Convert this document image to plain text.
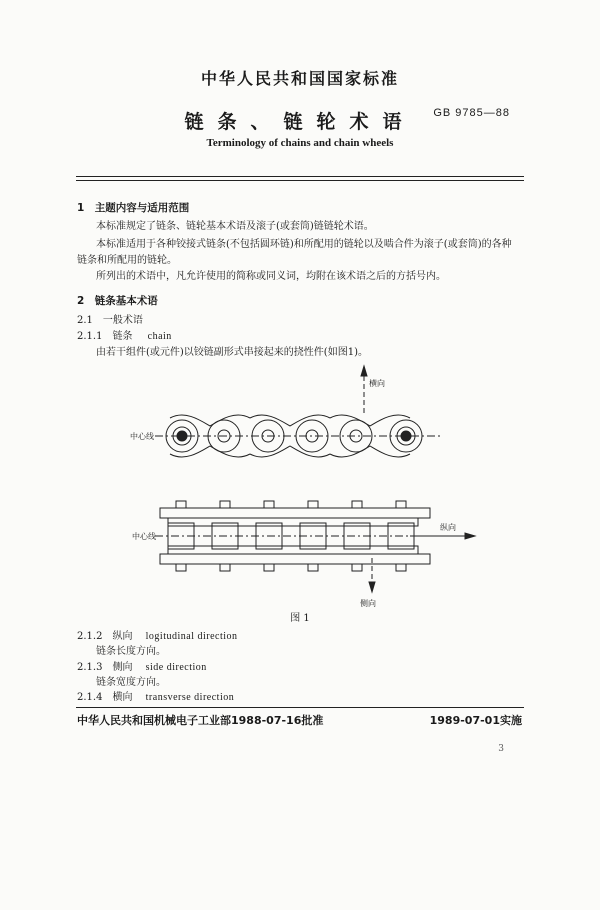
中华人民共和国国家标准
链条、链轮术语	GB 9785—88
Terminology of chains and chain wheels
1　主题内容与适用范围
本标准规定了链条、链轮基本术语及滚子(或套筒)链链轮术语。
本标准适用于各种铰接式链条(不包括圆环链)和所配用的链轮以及啮合件为滚子(或套筒)的各种
链条和所配用的链轮。
所列出的术语中，凡允许使用的简称或同义词，均附在该术语之后的方括号内。
2　链条基本术语
2.1　一般术语
2.1.1　链条 chain
由若干组件(或元件)以铰链副形式串接起来的挠性件(如图1)。
横向
中心线
中心线
纵向
侧向
图 1
2.1.2　纵向 logitudinal direction
链条长度方向。
2.1.3　侧向 side direction
链条宽度方向。
2.1.4　横向 transverse direction
中华人民共和国机械电子工业部1988-07-16批准	1989-07-01实施
3
